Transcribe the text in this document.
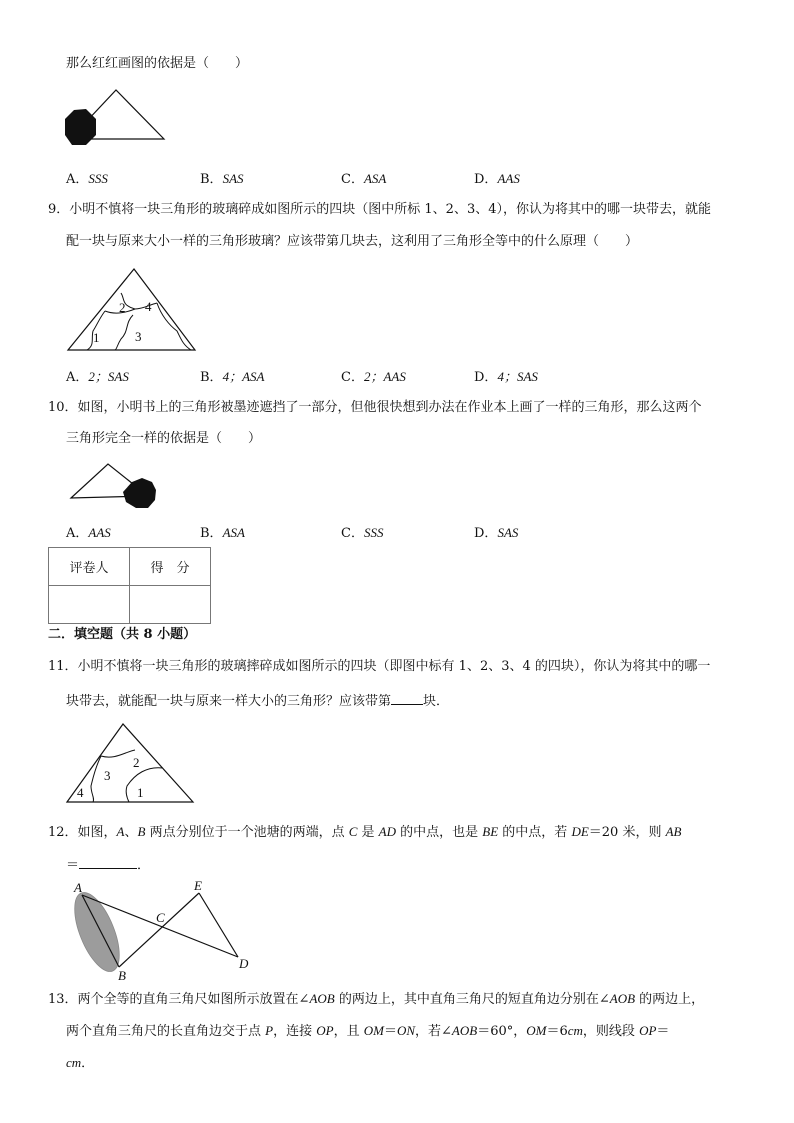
那么红红画图的依据是（　　）
A．SSS	B．SAS	C．ASA	D．AAS
9．小明不慎将一块三角形的玻璃碎成如图所示的四块（图中所标 1、2、3、4），你认为将其中的哪一块带去，就能
配一块与原来大小一样的三角形玻璃？应该带第几块去，这利用了三角形全等中的什么原理（　　）
1
2
3
4
A．2；SAS	B．4；ASA	C．2；AAS	D．4；SAS
10．如图，小明书上的三角形被墨迹遮挡了一部分，但他很快想到办法在作业本上画了一样的三角形，那么这两个
三角形完全一样的依据是（　　）
A．AAS	B．ASA	C．SSS	D．SAS
评卷人	得　分

二．填空题（共 8 小题）
11．小明不慎将一块三角形的玻璃摔碎成如图所示的四块（即图中标有 1、2、3、4 的四块），你认为将其中的哪一
块带去，就能配一块与原来一样大小的三角形？应该带第 块．
1
2
3
4
12．如图，A、B 两点分别位于一个池塘的两端，点 C 是 AD 的中点，也是 BE 的中点，若 DE＝20 米，则 AB
＝	．
A
B
C
D
E
13．两个全等的直角三角尺如图所示放置在∠AOB 的两边上，其中直角三角尺的短直角边分别在∠AOB 的两边上，
两个直角三角尺的长直角边交于点 P，连接 OP，且 OM＝ON，若∠AOB＝60°，OM＝6cm，则线段 OP＝
cm．
